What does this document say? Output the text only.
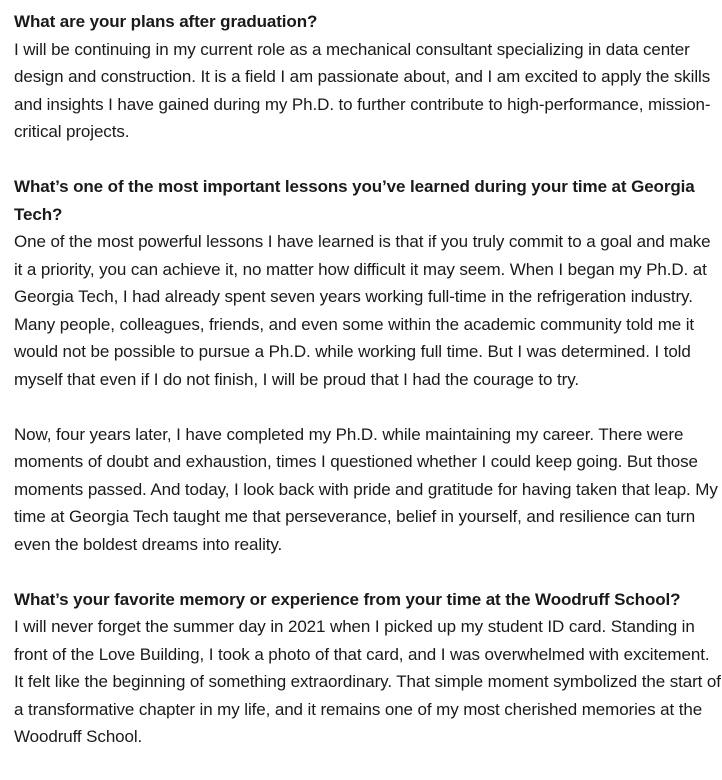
What are your plans after graduation?

I will be continuing in my current role as a mechanical consultant specializing in data center design and construction. It is a field I am passionate about, and I am excited to apply the skills and insights I have gained during my Ph.D. to further contribute to high-performance, mission-critical projects.

What’s one of the most important lessons you’ve learned during your time at Georgia Tech?

One of the most powerful lessons I have learned is that if you truly commit to a goal and make it a priority, you can achieve it, no matter how difficult it may seem. When I began my Ph.D. at Georgia Tech, I had already spent seven years working full-time in the refrigeration industry. Many people, colleagues, friends, and even some within the academic community told me it would not be possible to pursue a Ph.D. while working full time. But I was determined. I told myself that even if I do not finish, I will be proud that I had the courage to try.

Now, four years later, I have completed my Ph.D. while maintaining my career. There were moments of doubt and exhaustion, times I questioned whether I could keep going. But those moments passed. And today, I look back with pride and gratitude for having taken that leap. My time at Georgia Tech taught me that perseverance, belief in yourself, and resilience can turn even the boldest dreams into reality.

What’s your favorite memory or experience from your time at the Woodruff School?

I will never forget the summer day in 2021 when I picked up my student ID card. Standing in front of the Love Building, I took a photo of that card, and I was overwhelmed with excitement. It felt like the beginning of something extraordinary. That simple moment symbolized the start of a transformative chapter in my life, and it remains one of my most cherished memories at the Woodruff School.
